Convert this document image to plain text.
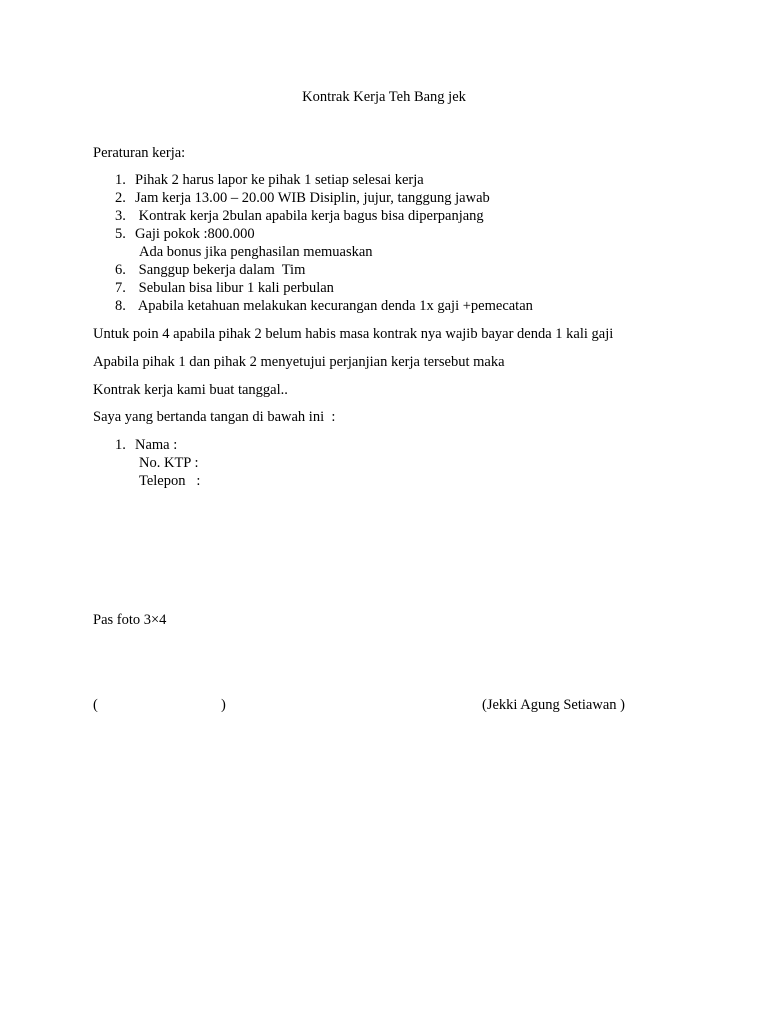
Kontrak Kerja Teh Bang jek
Peraturan kerja:
1. Pihak 2 harus lapor ke pihak 1 setiap selesai kerja
2. Jam kerja 13.00 – 20.00 WIB Disiplin, jujur, tanggung jawab
3. Kontrak kerja 2bulan apabila kerja bagus bisa diperpanjang
5. Gaji pokok :800.000
Ada bonus jika penghasilan memuaskan
6. Sanggup bekerja dalam  Tim
7. Sebulan bisa libur 1 kali perbulan
8. Apabila ketahuan melakukan kecurangan denda 1x gaji +pemecatan
Untuk poin 4 apabila pihak 2 belum habis masa kontrak nya wajib bayar denda 1 kali gaji
Apabila pihak 1 dan pihak 2 menyetujui perjanjian kerja tersebut maka
Kontrak kerja kami buat tanggal..
Saya yang bertanda tangan di bawah ini  :
1. Nama :
No. KTP :
Telepon   :
Pas foto 3×4
(	)	(Jekki Agung Setiawan )
